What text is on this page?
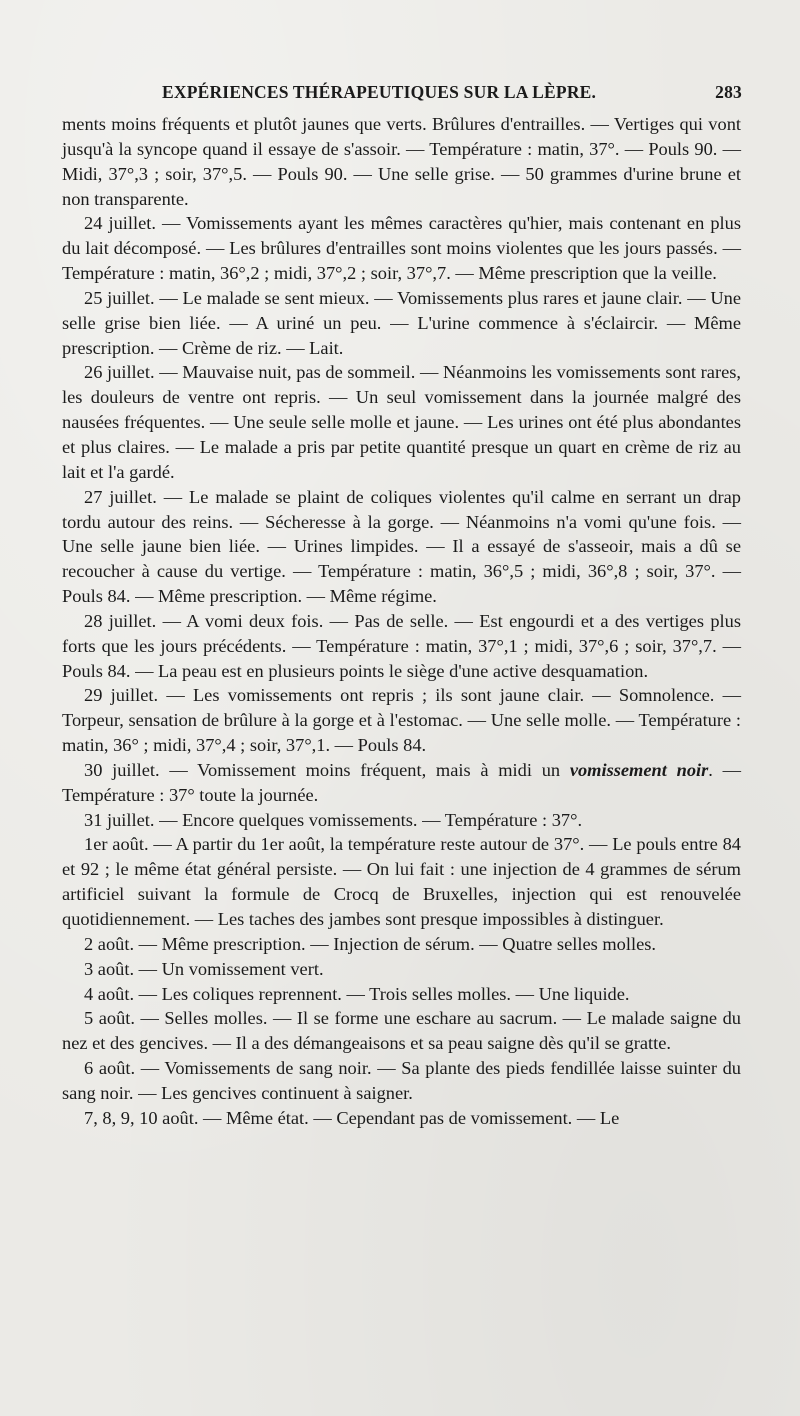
EXPÉRIENCES THÉRAPEUTIQUES SUR LA LÈPRE.	283

ments moins fréquents et plutôt jaunes que verts. Brûlures d'entrailles. — Vertiges qui vont jusqu'à la syncope quand il essaye de s'assoir. — Température : matin, 37°. — Pouls 90. — Midi, 37°,3 ; soir, 37°,5. — Pouls 90. — Une selle grise. — 50 grammes d'urine brune et non transparente.

24 juillet. — Vomissements ayant les mêmes caractères qu'hier, mais contenant en plus du lait décomposé. — Les brûlures d'entrailles sont moins violentes que les jours passés. — Température : matin, 36°,2 ; midi, 37°,2 ; soir, 37°,7. — Même prescription que la veille.

25 juillet. — Le malade se sent mieux. — Vomissements plus rares et jaune clair. — Une selle grise bien liée. — A uriné un peu. — L'urine commence à s'éclaircir. — Même prescription. — Crème de riz. — Lait.

26 juillet. — Mauvaise nuit, pas de sommeil. — Néanmoins les vomissements sont rares, les douleurs de ventre ont repris. — Un seul vomissement dans la journée malgré des nausées fréquentes. — Une seule selle molle et jaune. — Les urines ont été plus abondantes et plus claires. — Le malade a pris par petite quantité presque un quart en crème de riz au lait et l'a gardé.

27 juillet. — Le malade se plaint de coliques violentes qu'il calme en serrant un drap tordu autour des reins. — Sécheresse à la gorge. — Néanmoins n'a vomi qu'une fois. — Une selle jaune bien liée. — Urines limpides. — Il a essayé de s'asseoir, mais a dû se recoucher à cause du vertige. — Température : matin, 36°,5 ; midi, 36°,8 ; soir, 37°. — Pouls 84. — Même prescription. — Même régime.

28 juillet. — A vomi deux fois. — Pas de selle. — Est engourdi et a des vertiges plus forts que les jours précédents. — Température : matin, 37°,1 ; midi, 37°,6 ; soir, 37°,7. — Pouls 84. — La peau est en plusieurs points le siège d'une active desquamation.

29 juillet. — Les vomissements ont repris ; ils sont jaune clair. — Somnolence. — Torpeur, sensation de brûlure à la gorge et à l'estomac. — Une selle molle. — Température : matin, 36° ; midi, 37°,4 ; soir, 37°,1. — Pouls 84.

30 juillet. — Vomissement moins fréquent, mais à midi un vomissement noir. — Température : 37° toute la journée.

31 juillet. — Encore quelques vomissements. — Température : 37°.

1er août. — A partir du 1er août, la température reste autour de 37°. — Le pouls entre 84 et 92 ; le même état général persiste. — On lui fait : une injection de 4 grammes de sérum artificiel suivant la formule de Crocq de Bruxelles, injection qui est renouvelée quotidiennement. — Les taches des jambes sont presque impossibles à distinguer.

2 août. — Même prescription. — Injection de sérum. — Quatre selles molles.

3 août. — Un vomissement vert.

4 août. — Les coliques reprennent. — Trois selles molles. — Une liquide.

5 août. — Selles molles. — Il se forme une eschare au sacrum. — Le malade saigne du nez et des gencives. — Il a des démangeaisons et sa peau saigne dès qu'il se gratte.

6 août. — Vomissements de sang noir. — Sa plante des pieds fendillée laisse suinter du sang noir. — Les gencives continuent à saigner.

7, 8, 9, 10 août. — Même état. — Cependant pas de vomissement. — Le
